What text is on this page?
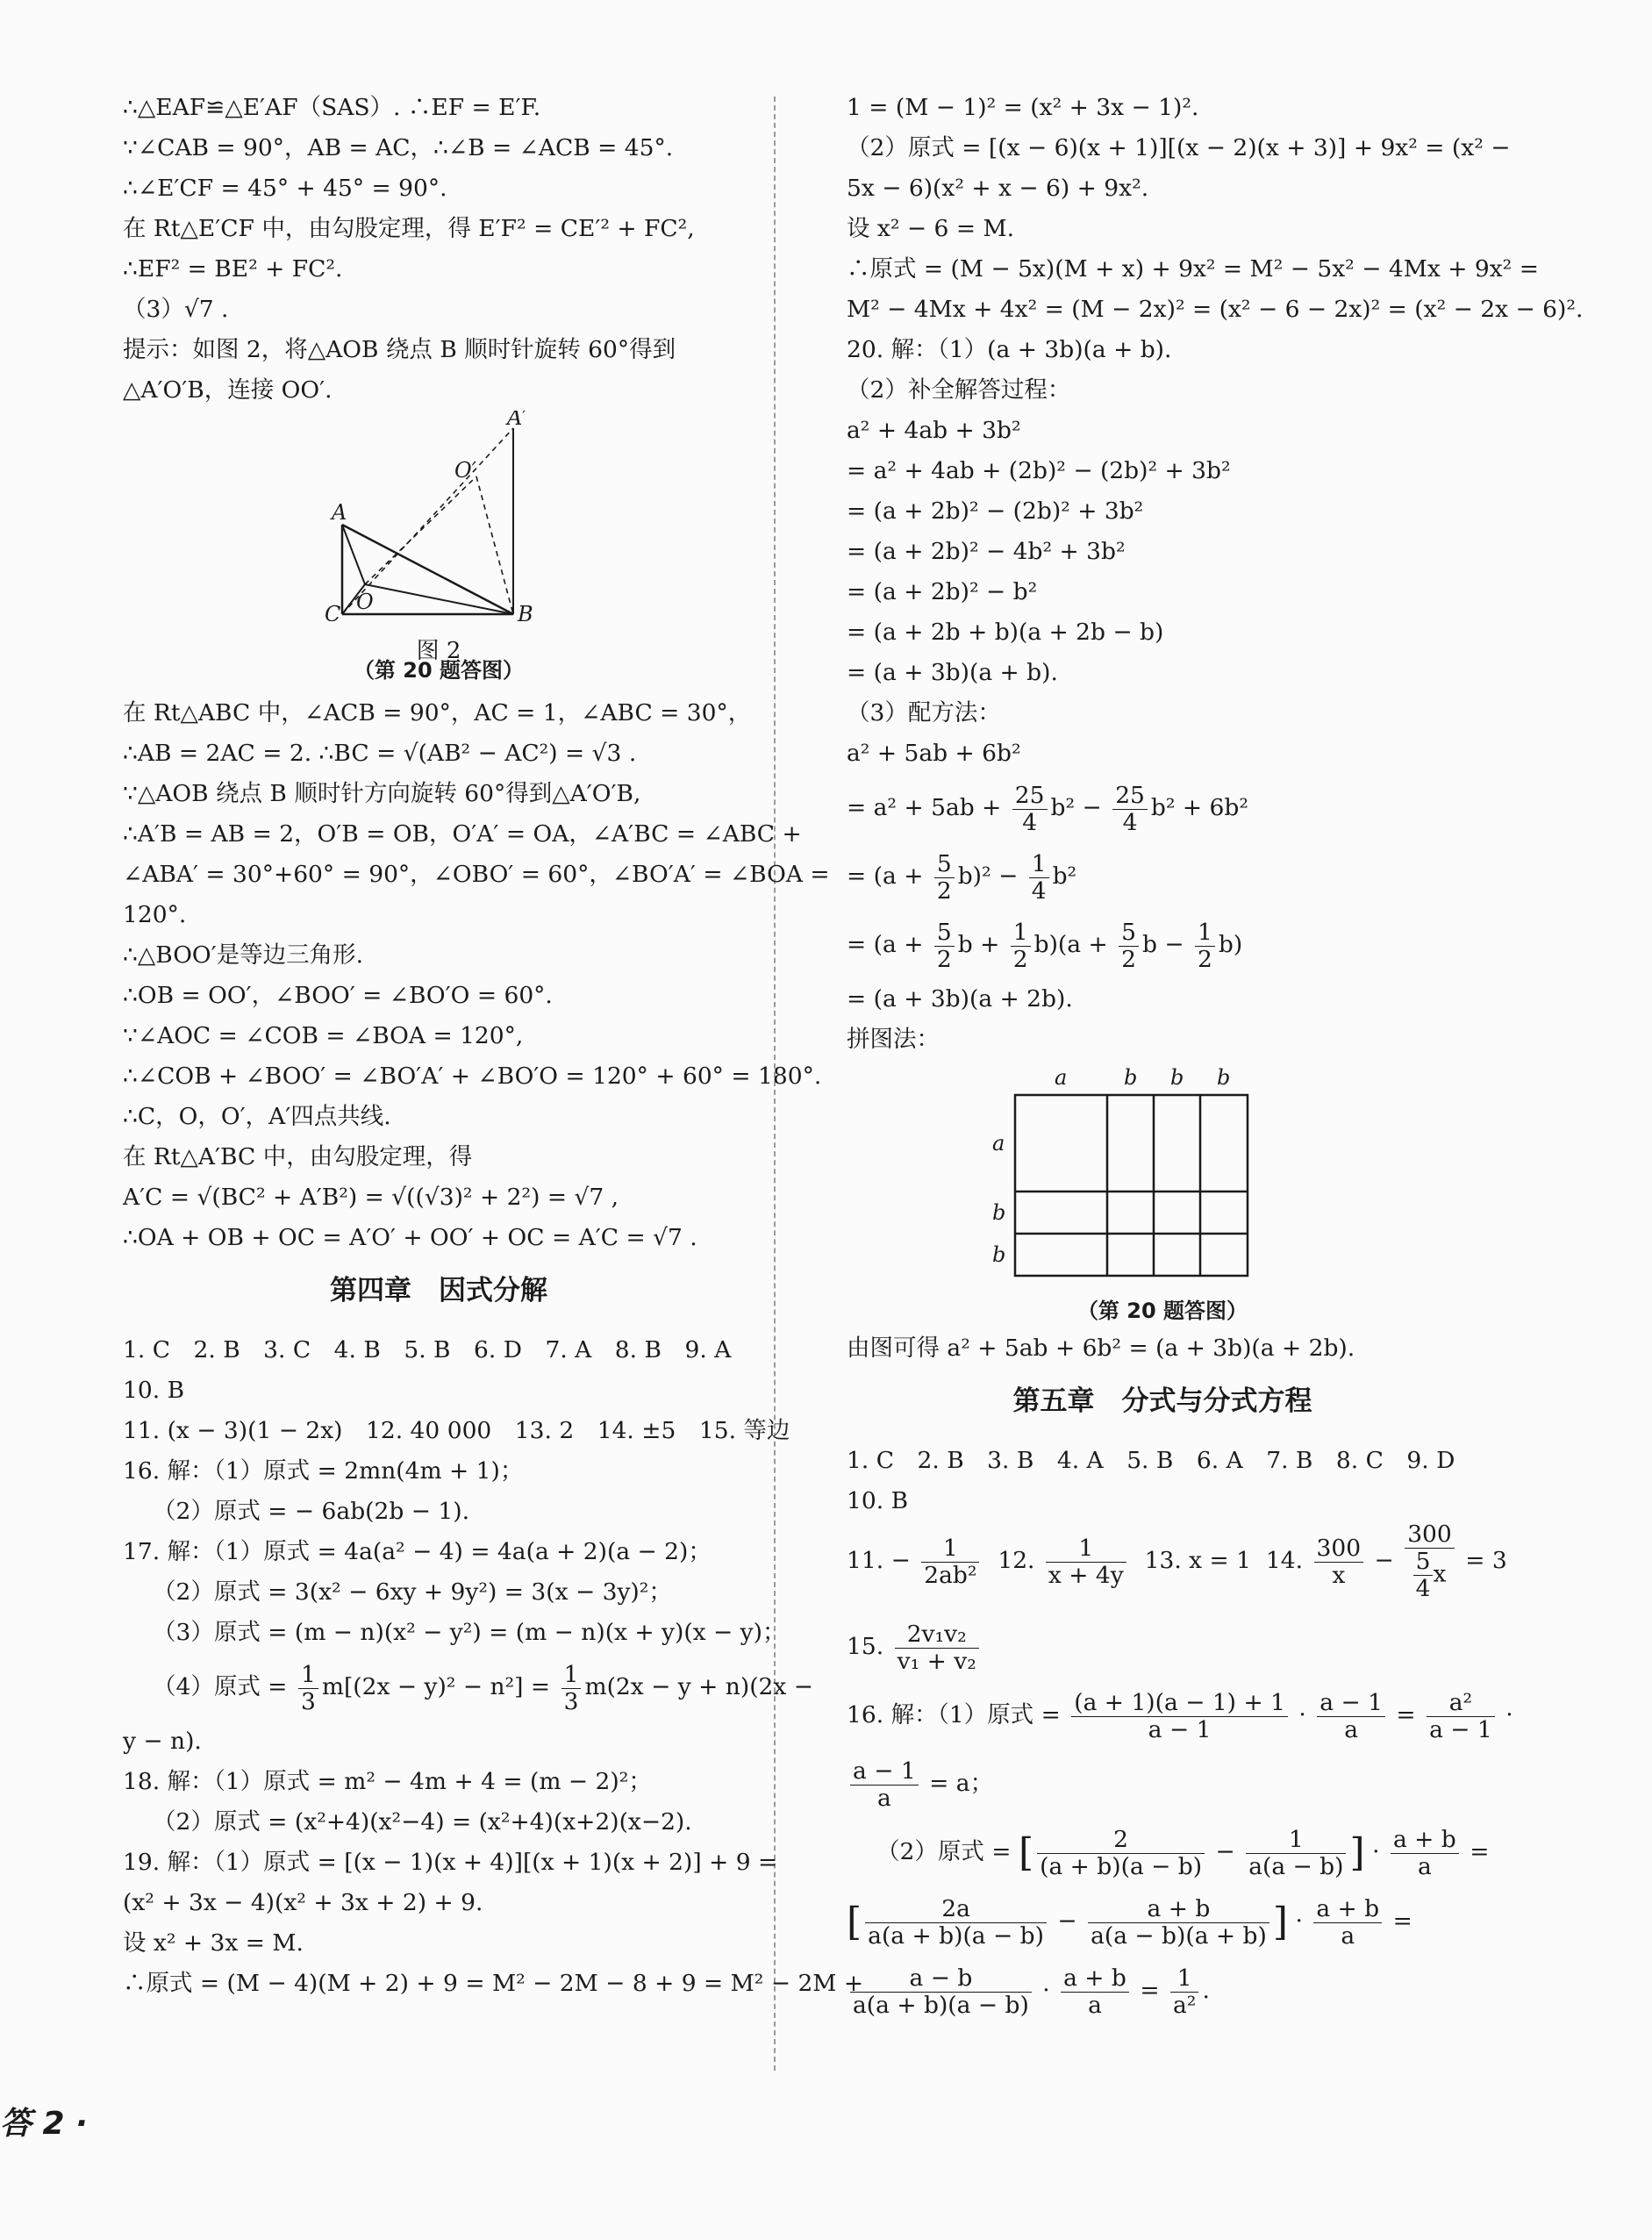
∴△EAF≌△E′AF（SAS）. ∴EF = E′F.
∵∠CAB = 90°，AB = AC，∴∠B = ∠ACB = 45°.
∴∠E′CF = 45° + 45° = 90°.
在 Rt△E′CF 中，由勾股定理，得 E′F² = CE′² + FC²,
∴EF² = BE² + FC².
（3）√7 .
提示：如图 2，将△AOB 绕点 B 顺时针旋转 60°得到
△A′O′B，连接 OO′.
A′
O′
A
O
C	B
图 2
（第 20 题答图）
在 Rt△ABC 中，∠ACB = 90°，AC = 1，∠ABC = 30°，
∴AB = 2AC = 2. ∴BC = √(AB² − AC²) = √3 .
∵△AOB 绕点 B 顺时针方向旋转 60°得到△A′O′B,
∴A′B = AB = 2，O′B = OB，O′A′ = OA，∠A′BC = ∠ABC +
∠ABA′ = 30°+60° = 90°，∠OBO′ = 60°，∠BO′A′ = ∠BOA =
120°.
∴△BOO′是等边三角形.
∴OB = OO′，∠BOO′ = ∠BO′O = 60°.
∵∠AOC = ∠COB = ∠BOA = 120°,
∴∠COB + ∠BOO′ = ∠BO′A′ + ∠BO′O = 120° + 60° = 180°.
∴C，O，O′，A′四点共线.
在 Rt△A′BC 中，由勾股定理，得
A′C = √(BC² + A′B²) = √((√3)² + 2²) = √7 ,
∴OA + OB + OC = A′O′ + OO′ + OC = A′C = √7 .
第四章　因式分解
1. C　2. B　3. C　4. B　5. B　6. D　7. A　8. B　9. A
10. B
11. (x − 3)(1 − 2x)　12. 40 000　13. 2　14. ±5　15. 等边
16. 解：（1）原式 = 2mn(4m + 1)；
（2）原式 = − 6ab(2b − 1).
17. 解：（1）原式 = 4a(a² − 4) = 4a(a + 2)(a − 2)；
（2）原式 = 3(x² − 6xy + 9y²) = 3(x − 3y)²；
（3）原式 = (m − n)(x² − y²) = (m − n)(x + y)(x − y)；
（4）原式 = $\frac{1}{3} m[(2x - y)^2 - n^2] = \frac{1}{3} m(2x - y + n)(2x$ −
y − n).
18. 解：（1）原式 = m² − 4m + 4 = (m − 2)²；
（2）原式 = (x²+4)(x²−4) = (x²+4)(x+2)(x−2).
19. 解：（1）原式 = [(x − 1)(x + 4)][(x + 1)(x + 2)] + 9 =
(x² + 3x − 4)(x² + 3x + 2) + 9.
设 x² + 3x = M.
∴原式 = (M − 4)(M + 2) + 9 = M² − 2M − 8 + 9 = M² − 2M +
1 = (M − 1)² = (x² + 3x − 1)².
（2）原式 = [(x − 6)(x + 1)][(x − 2)(x + 3)] + 9x² = (x² −
5x − 6)(x² + x − 6) + 9x².
设 x² − 6 = M.
∴原式 = (M − 5x)(M + x) + 9x² = M² − 5x² − 4Mx + 9x² =
M² − 4Mx + 4x² = (M − 2x)² = (x² − 6 − 2x)² = (x² − 2x − 6)².
20. 解：（1）(a + 3b)(a + b).
（2）补全解答过程：
a² + 4ab + 3b²
= a² + 4ab + (2b)² − (2b)² + 3b²
= (a + 2b)² − (2b)² + 3b²
= (a + 2b)² − 4b² + 3b²
= (a + 2b)² − b²
= (a + 2b + b)(a + 2b − b)
= (a + 3b)(a + b).
（3）配方法：
a² + 5ab + 6b²
= $a^2 + 5ab + \frac{25}{4} b^2 - \frac{25}{4} b^2 + 6b^2$
= $(a + \frac{5}{2} b)^2 - \frac{1}{4} b^2$
= ($a + \frac{5}{2}$ $b + \frac{1}{2} b)(a + \frac{5}{2}$ $b - \frac{1}{2} b$)
= (a + 3b)(a + 2b).
拼图法：
a	b b b
a
b
b
（第 20 题答图）
由图可得 a² + 5ab + 6b² = (a + 3b)(a + 2b).
第五章　分式与分式方程
1. C　2. B　3. B　4. A　5. B　6. A　7. B　8. C　9. D
10. B
11. − $\frac{1}{\text{2ab²}} 12$. $\frac{1}{x + 4y} 13$. x = 1 14. $\frac{300}{x} - \frac{300}{\frac{5}{4} x} = 3$
15. $\frac{\text{2v₁v₂}}{\text{v₁ + v₂}}$
16. 解：（1）原式 = $\frac{(a + 1)(a - 1) + 1}{a - 1} \cdot \frac{a - 1}{a} = \frac{\text{a²}}{a - 1}$ ·
$\frac{a - 1}{a} = a$；
（2）原式 = [ $\frac{2}{(a + b)(a - b)} - \frac{1}{a(a - b)}$ ] · $\frac{a + b}{a}$ =
[ $\frac{2a}{a(a + b)(a - b)} - \frac{a + b}{a(a - b)(a + b)}$ ] · $\frac{a + b}{a}$ =
$\frac{a - b}{a(a + b)(a - b)} \cdot \frac{a + b}{a} = \frac{1}{\text{a²}}$ .
答 2 ·
